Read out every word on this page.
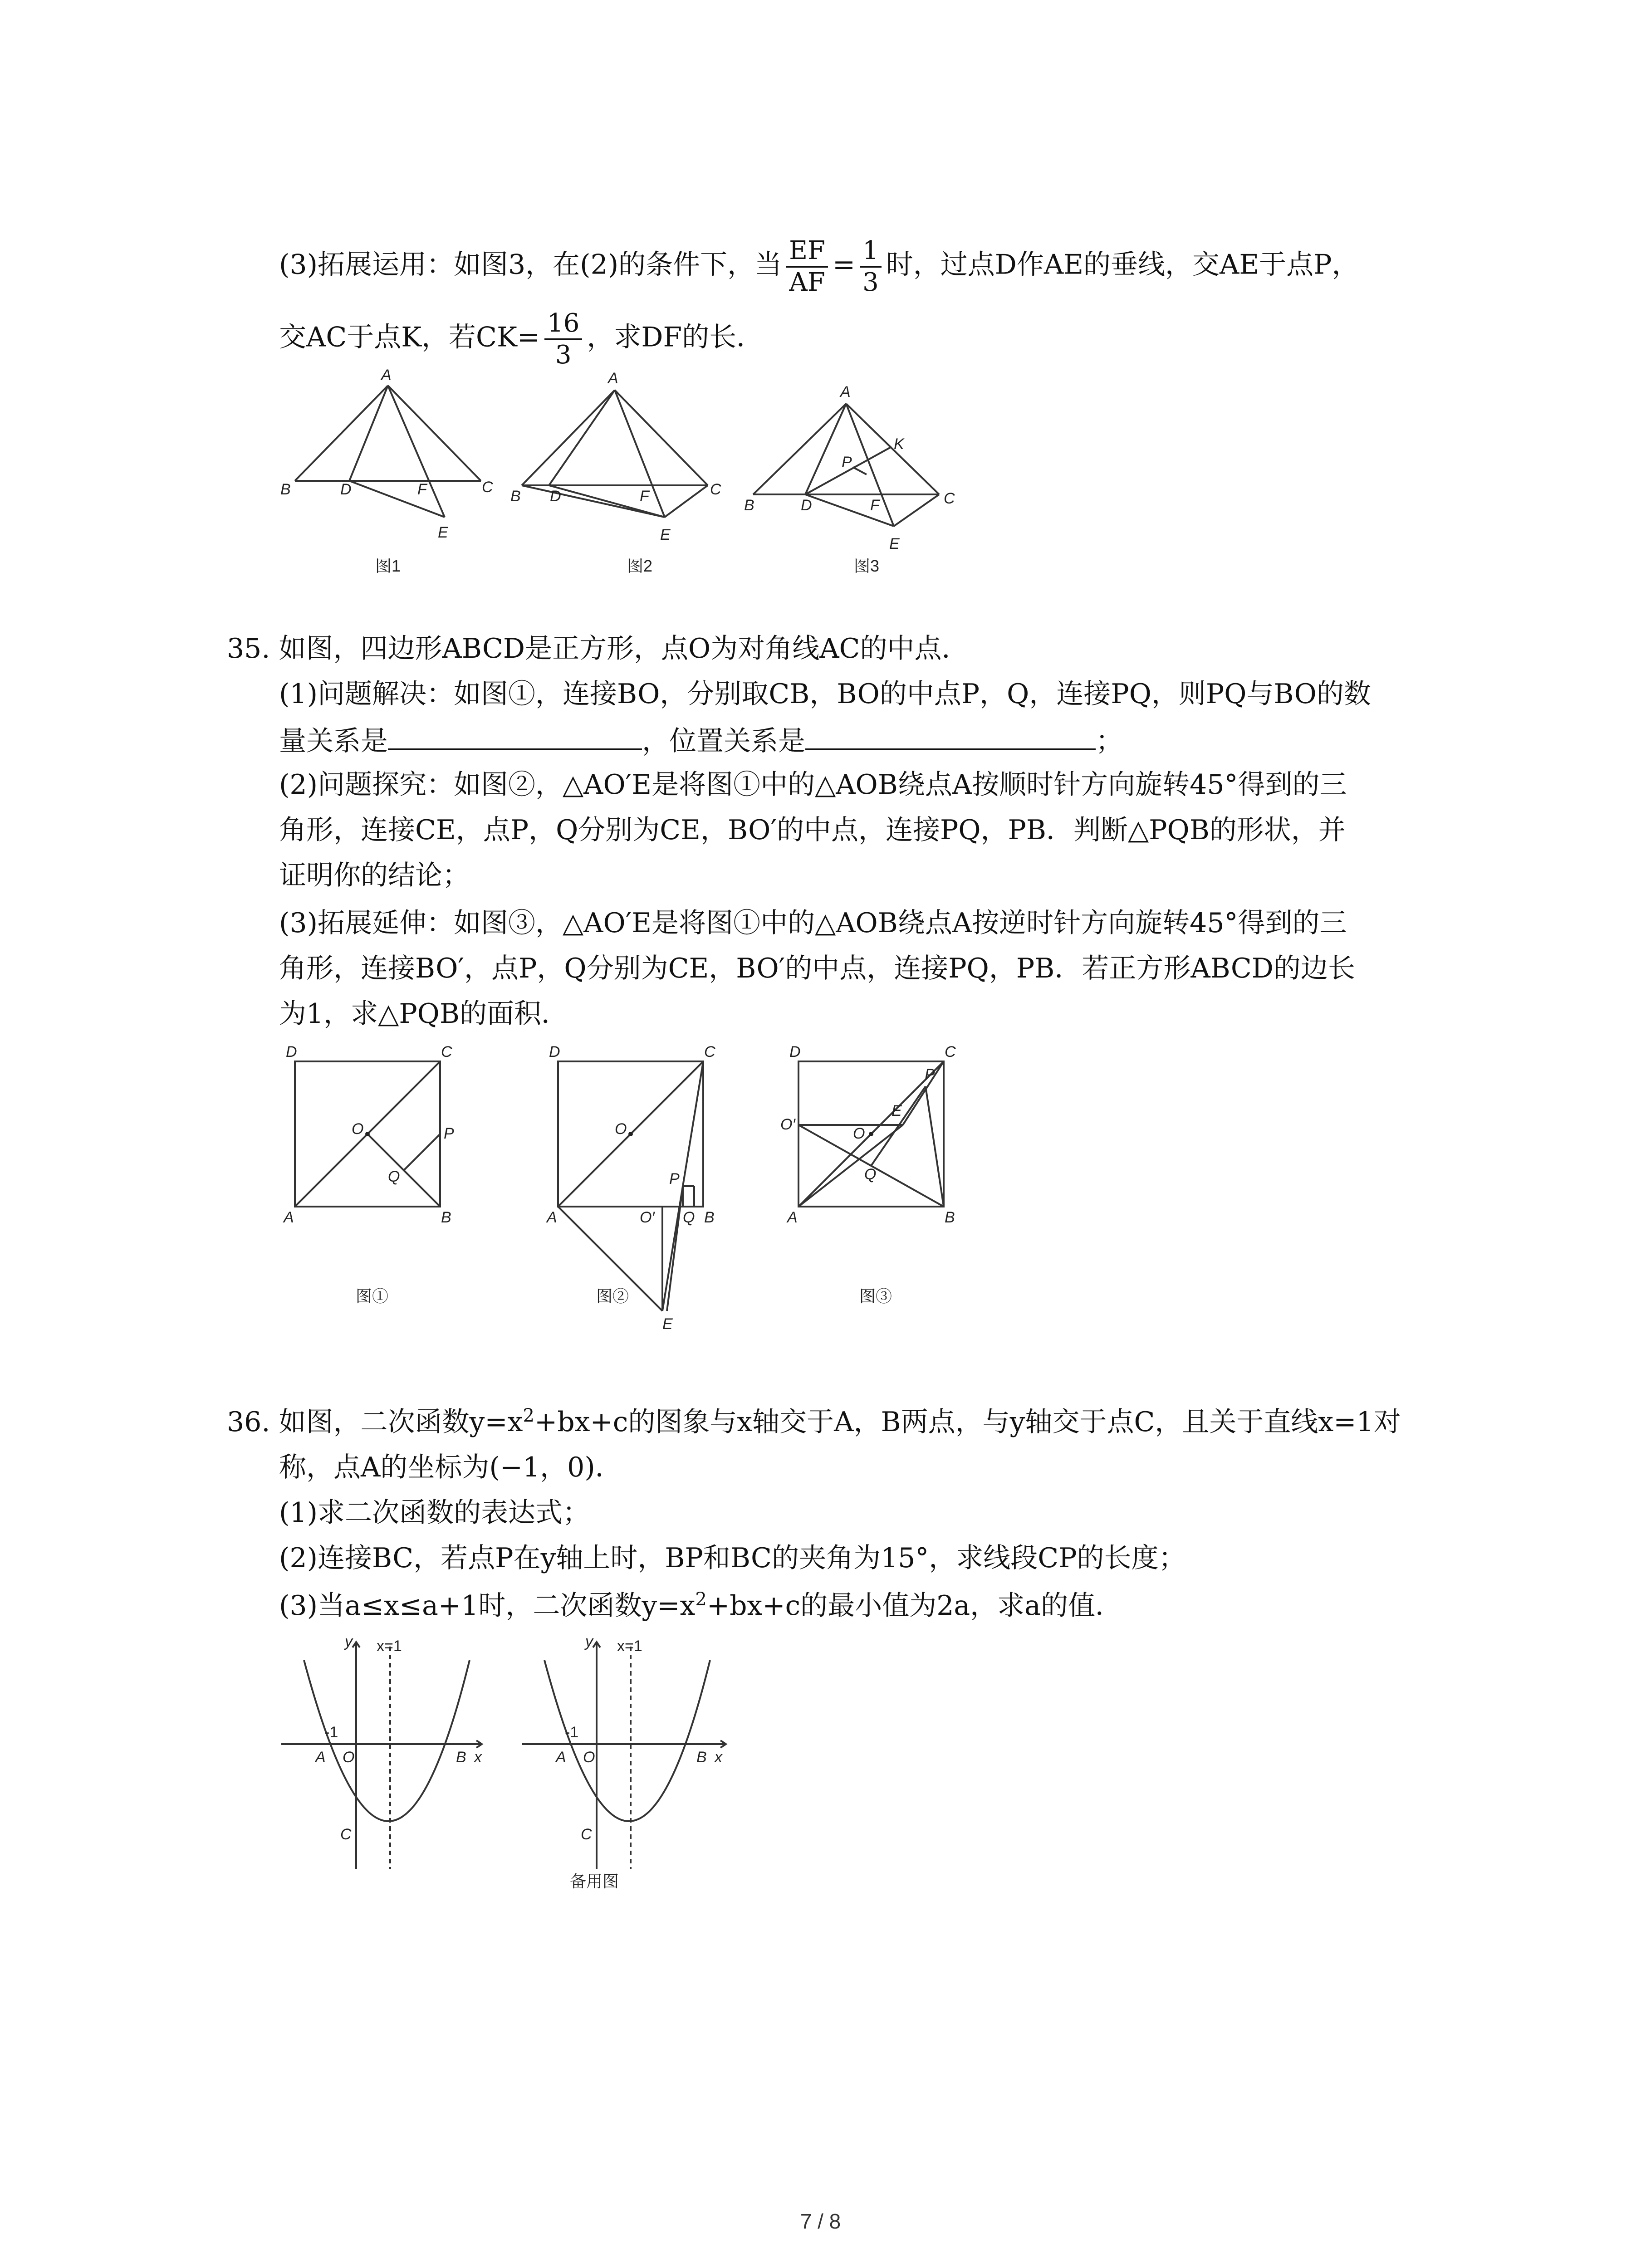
(3)拓展运用：如图3，在(2)的条件下，当 $\frac{EF}{AF} = \frac{1}{3}$ 时，过点D作AE的垂线，交AE于点P，
交AC于点K，若$CK= \frac{16}{3}$ ，求DF的长．
A
B	D	F	C
E
图1
A
B D	F	C
E
图2
A
B	D	F	C
P
K
E
图3
35. 如图，四边形ABCD是正方形，点O为对角线AC的中点．
(1)问题解决：如图①，连接BO，分别取CB，BO的中点P，Q，连接PQ，则PQ与BO的数
量关系是	，位置关系是	；
(2)问题探究：如图②，△AO′E是将图①中的△AOB绕点A按顺时针方向旋转45°得到的三
角形，连接CE，点P，Q分别为CE，BO′的中点，连接PQ，PB．判断△PQB的形状，并
证明你的结论；
(3)拓展延伸：如图③，△AO′E是将图①中的△AOB绕点A按逆时针方向旋转45°得到的三
角形，连接BO′，点P，Q分别为CE，BO′的中点，连接PQ，PB．若正方形ABCD的边长
为1，求△PQB的面积．
D	C
A	B
O	P
Q
图①
D	C
A	B
O
P
Q
O′
E
图②
D	C
A	B
O′
O
E
P
Q
图③
36. 如图，二次函数$y=x^2+bx+c$的图象与x轴交于A，B两点，与y轴交于点C，且关于直线x=1对
称，点A的坐标为(−1，0)．
(1)求二次函数的表达式；
(2)连接BC，若点P在y轴上时，BP和BC的夹角为15°，求线段CP的长度；
(3)当a≤x≤a+1时，二次函数$y=x^2+bx+c$的最小值为2a，求a的值．
y x=1
-1
A O	B x
C
y x=1
-1
A O	B x
C
备用图
7 / 8
